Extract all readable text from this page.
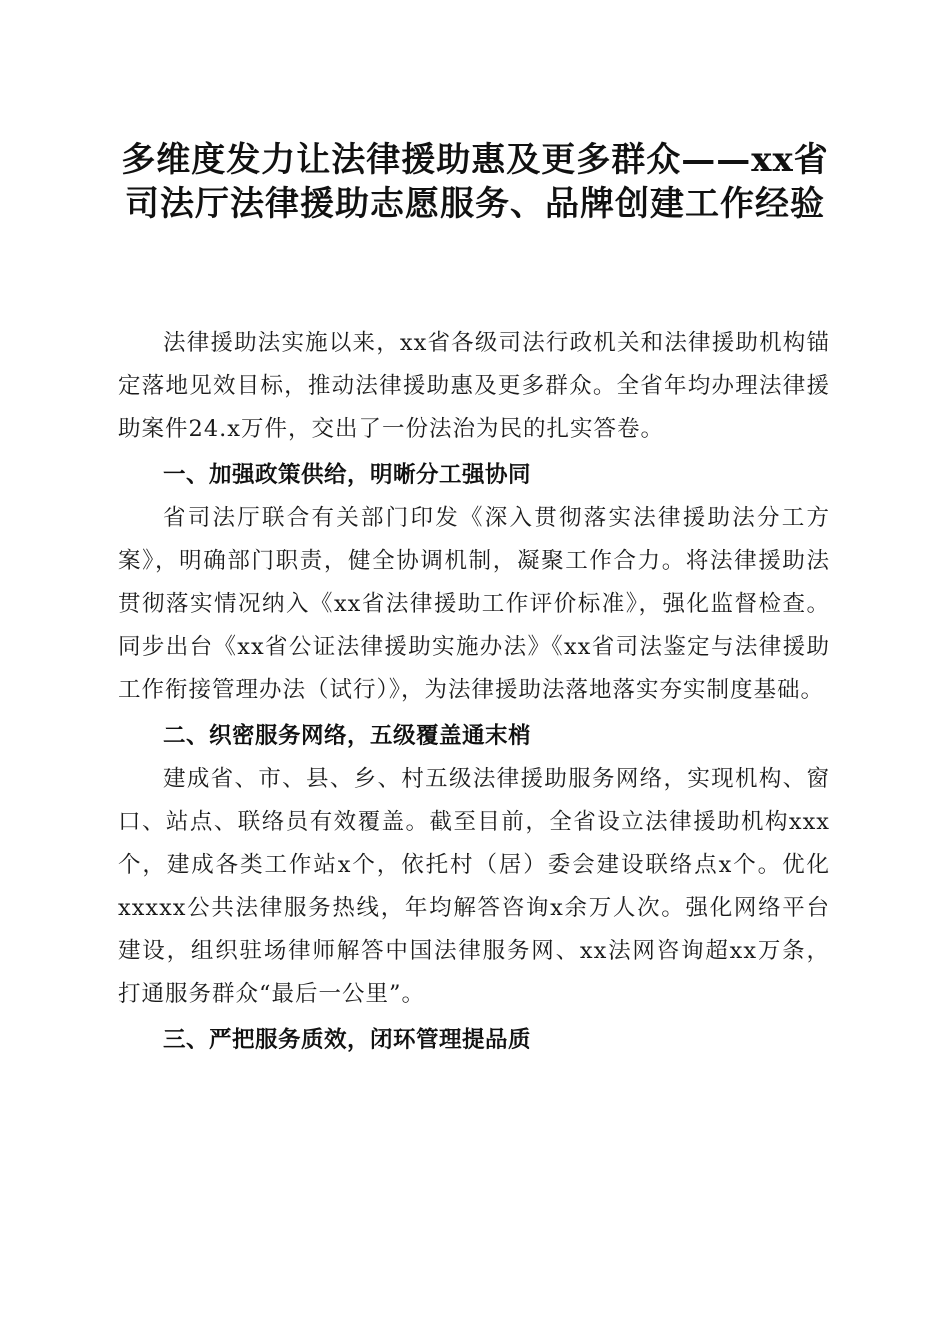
多维度发力让法律援助惠及更多群众——xx省司法厅法律援助志愿服务、品牌创建工作经验

法律援助法实施以来，xx省各级司法行政机关和法律援助机构锚定落地见效目标，推动法律援助惠及更多群众。全省年均办理法律援助案件24.x万件，交出了一份法治为民的扎实答卷。

一、加强政策供给，明晰分工强协同

省司法厅联合有关部门印发《深入贯彻落实法律援助法分工方案》，明确部门职责，健全协调机制，凝聚工作合力。将法律援助法贯彻落实情况纳入《xx省法律援助工作评价标准》，强化监督检查。同步出台《xx省公证法律援助实施办法》《xx省司法鉴定与法律援助工作衔接管理办法（试行）》，为法律援助法落地落实夯实制度基础。

二、织密服务网络，五级覆盖通末梢

建成省、市、县、乡、村五级法律援助服务网络，实现机构、窗口、站点、联络员有效覆盖。截至目前，全省设立法律援助机构xxx个，建成各类工作站x个，依托村（居）委会建设联络点x个。优化xxxxx公共法律服务热线，年均解答咨询x余万人次。强化网络平台建设，组织驻场律师解答中国法律服务网、xx法网咨询超xx万条，打通服务群众“最后一公里”。

三、严把服务质效，闭环管理提品质
